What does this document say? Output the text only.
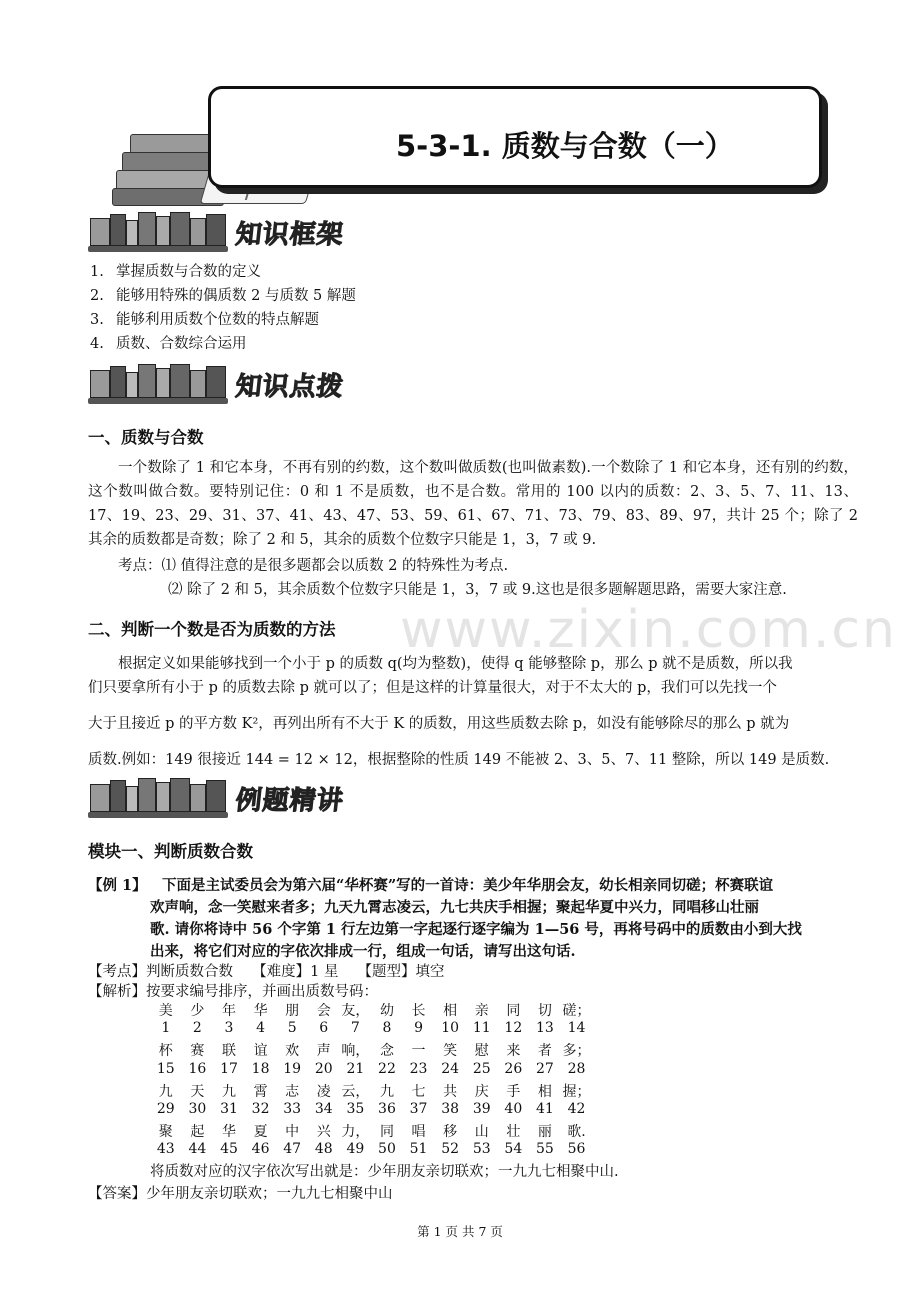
5-3-1. 质数与合数（一）
知识框架
1. 掌握质数与合数的定义
2. 能够用特殊的偶质数 2 与质数 5 解题
3. 能够利用质数个位数的特点解题
4. 质数、合数综合运用
知识点拨
一、质数与合数
一个数除了 1 和它本身，不再有别的约数，这个数叫做质数(也叫做素数).一个数除了 1 和它本身，还有别的约数，这个数叫做合数。要特别记住：0 和 1 不是质数，也不是合数。常用的 100 以内的质数：2、3、5、7、11、13、17、19、23、29、31、37、41、43、47、53、59、61、67、71、73、79、83、89、97，共计 25 个；除了 2 其余的质数都是奇数；除了 2 和 5，其余的质数个位数字只能是 1，3，7 或 9.
考点：⑴ 值得注意的是很多题都会以质数 2 的特殊性为考点.
⑵ 除了 2 和 5，其余质数个位数字只能是 1，3，7 或 9.这也是很多题解题思路，需要大家注意.
www.zixin.com.cn
二、判断一个数是否为质数的方法
根据定义如果能够找到一个小于 p 的质数 q(均为整数)，使得 q 能够整除 p，那么 p 就不是质数，所以我
们只要拿所有小于 p 的质数去除 p 就可以了；但是这样的计算量很大，对于不太大的 p，我们可以先找一个
大于且接近 p 的平方数 K²，再列出所有不大于 K 的质数，用这些质数去除 p，如没有能够除尽的那么 p 就为
质数.例如：149 很接近 144 = 12 × 12，根据整除的性质 149 不能被 2、3、5、7、11 整除，所以 149 是质数.
例题精讲
模块一、判断质数合数
【例 1】 下面是主试委员会为第六届“华杯赛”写的一首诗：美少年华朋会友，幼长相亲同切磋；杯赛联谊
欢声响，念一笑慰来者多；九天九霄志凌云，九七共庆手相握；聚起华夏中兴力，同唱移山壮丽
歌. 请你将诗中 56 个字第 1 行左边第一字起逐行逐字编为 1—56 号，再将号码中的质数由小到大找
出来，将它们对应的字依次排成一行，组成一句话，请写出这句话.
【考点】判断质数合数　 【难度】1 星　 【题型】填空
【解析】按要求编号排序，并画出质数号码：
美 少 年 华 朋 会 友， 幼 长 相 亲 同 切 磋；
1 2 3 4 5 6 7 8 9 10 11 12 13 14
杯 赛 联 谊 欢 声 响， 念 一 笑 慰 来 者 多；
15 16 17 18 19 20 21 22 23 24 25 26 27 28
九 天 九 霄 志 凌 云， 九 七 共 庆 手 相 握；
29 30 31 32 33 34 35 36 37 38 39 40 41 42
聚 起 华 夏 中 兴 力， 同 唱 移 山 壮 丽 歌.
43 44 45 46 47 48 49 50 51 52 53 54 55 56
将质数对应的汉字依次写出就是：少年朋友亲切联欢；一九九七相聚中山.
【答案】少年朋友亲切联欢；一九九七相聚中山
第 1 页 共 7 页
